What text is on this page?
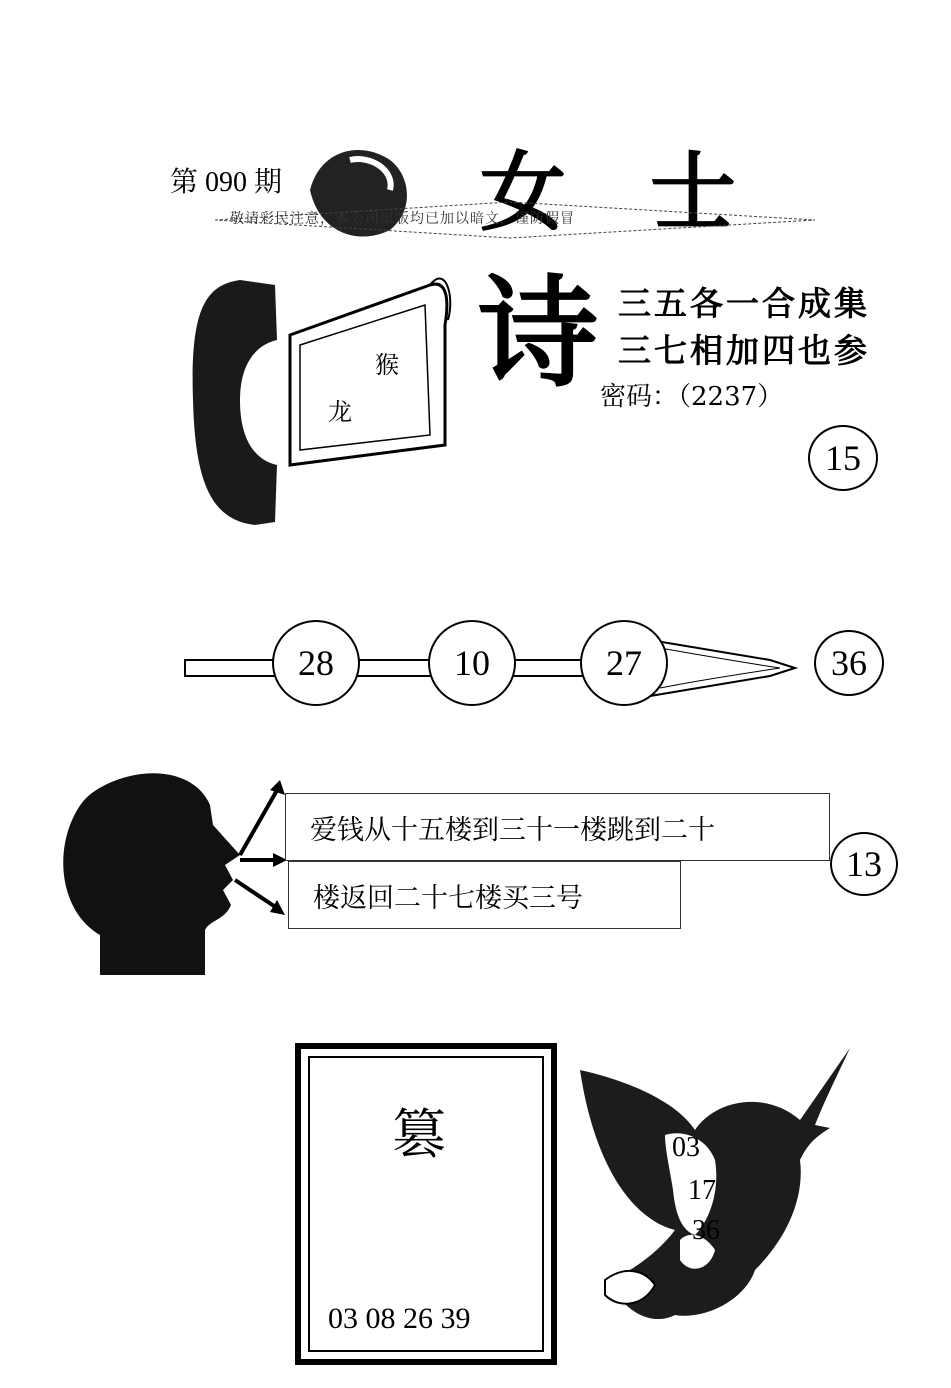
第 090 期 女 士
敬请彩民注意，本公司出版均已加以暗文，谨防假冒
猴
龙
诗 三五各一合成集
三七相加四也参
密码：（2237）
15
28	10	27	36
爱钱从十五楼到三十一楼跳到二十
楼返回二十七楼买三号
13
篡
03 08 26 39
03
17
36
